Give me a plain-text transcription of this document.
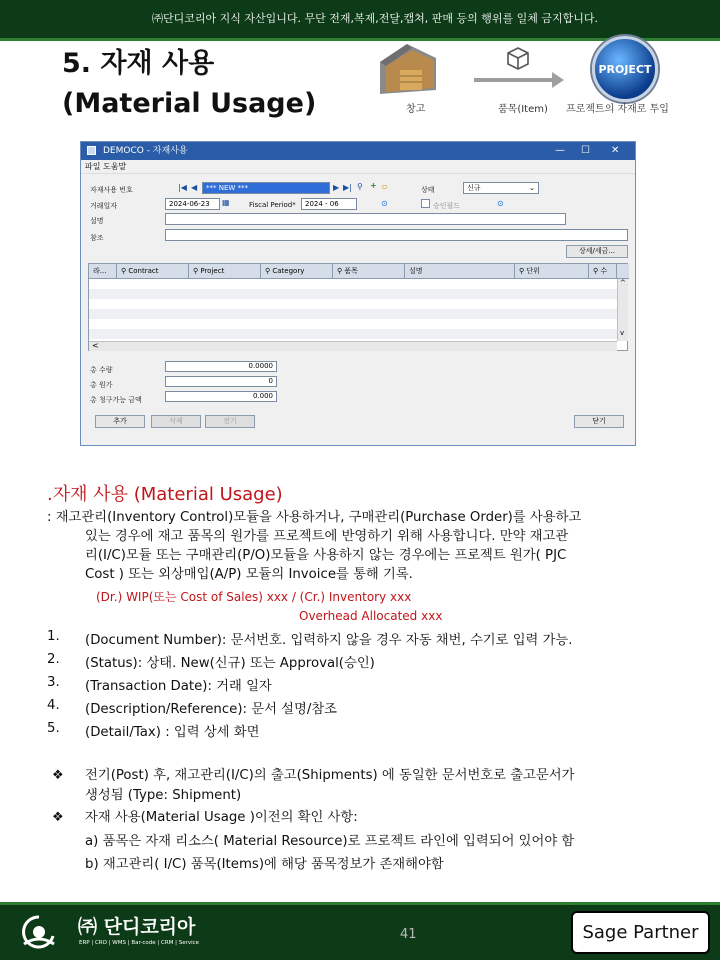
㈜단디코리아 지식 자산입니다. 무단 전재,복제,전달,캡쳐, 판매 등의 행위를 일체 금지합니다.
5. 자재 사용
(Material Usage)	창고	품목(Item)
PROJECT
프로젝트의 자재로 투입
DEMOCO - 자재사용	— ☐ ✕
파일 도움말
자재사용 번호	|◀ ◀	*** NEW ***	▶ ▶| ⚲ + ▫	상태	신규	⌄
거래일자	2024-06-23	▦	Fiscal Period*	2024 - 06	⊙	승인필드	⊙
설명
참조
상세/세금...
라...	⚲ Contract	⚲ Project	⚲ Category	⚲ 품목	설명	⚲ 단위	⚲ 수
^
v
<
총 수량	0.0000
총 원가	0
총 청구가능 금액	0.000
추가	삭제	전기	닫기
.자재 사용 (Material Usage)
: 재고관리(Inventory Control)모듈을 사용하거나, 구매관리(Purchase Order)를 사용하고
있는 경우에 재고 품목의 원가를 프로젝트에 반영하기 위해 사용합니다. 만약 재고관
리(I/C)모듈 또는 구매관리(P/O)모듈을 사용하지 않는 경우에는 프로젝트 원가( PJC
Cost ) 또는 외상매입(A/P) 모듈의 Invoice를 통해 기록.
(Dr.) WIP(또는 Cost of Sales) xxx / (Cr.) Inventory xxx
Overhead Allocated xxx
1. (Document Number): 문서번호. 입력하지 않을 경우 자동 채번, 수기로 입력 가능.
2. (Status): 상태. New(신규) 또는 Approval(승인)
3. (Transaction Date): 거래 일자
4. (Description/Reference): 문서 설명/참조
5. (Detail/Tax) : 입력 상세 화면
❖ 전기(Post) 후, 재고관리(I/C)의 출고(Shipments) 에 동일한 문서번호로 출고문서가
생성됨 (Type: Shipment)
❖ 자재 사용(Material Usage )이전의 확인 사항:
a) 품목은 자재 리소스( Material Resource)로 프로젝트 라인에 입력되어 있어야 함
b) 재고관리( I/C) 품목(Items)에 해당 품목정보가 존재해야함
㈜ 단디코리아
ERP | CRO | WMS | Bar-code | CRM | Service
41	Sage Partner
